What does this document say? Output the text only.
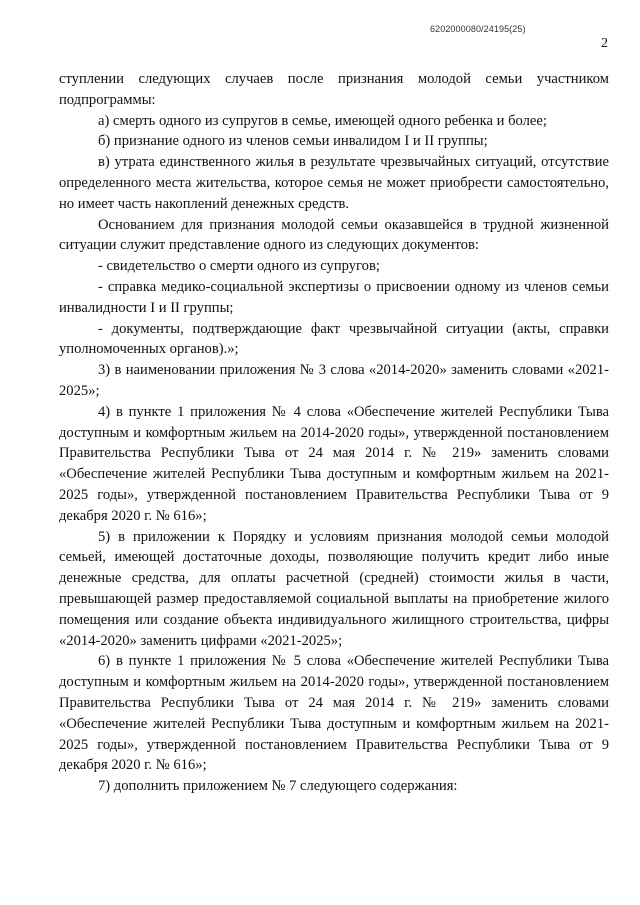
6202000080/24195(25)
2

ступлении следующих случаев после признания молодой семьи участником подпрограммы:

а) смерть одного из супругов в семье, имеющей одного ребенка и более;

б) признание одного из членов семьи инвалидом I и II группы;

в) утрата единственного жилья в результате чрезвычайных ситуаций, отсутствие определенного места жительства, которое семья не может приобрести самостоятельно, но имеет часть накоплений денежных средств.

Основанием для признания молодой семьи оказавшейся в трудной жизненной ситуации служит представление одного из следующих документов:

- свидетельство о смерти одного из супругов;

- справка медико-социальной экспертизы о присвоении одному из членов семьи инвалидности I и II группы;

- документы, подтверждающие факт чрезвычайной ситуации (акты, справки уполномоченных органов).»;

3) в наименовании приложения № 3 слова «2014-2020» заменить словами «2021-2025»;

4) в пункте 1 приложения № 4 слова «Обеспечение жителей Республики Тыва доступным и комфортным жильем на 2014-2020 годы», утвержденной постановлением Правительства Республики Тыва от 24 мая 2014 г. № 219» заменить словами «Обеспечение жителей Республики Тыва доступным и комфортным жильем на 2021-2025 годы», утвержденной постановлением Правительства Республики Тыва от 9 декабря 2020 г. № 616»;

5) в приложении к Порядку и условиям признания молодой семьи молодой семьей, имеющей достаточные доходы, позволяющие получить кредит либо иные денежные средства, для оплаты расчетной (средней) стоимости жилья в части, превышающей размер предоставляемой социальной выплаты на приобретение жилого помещения или создание объекта индивидуального жилищного строительства, цифры «2014-2020» заменить цифрами «2021-2025»;

6) в пункте 1 приложения № 5 слова «Обеспечение жителей Республики Тыва доступным и комфортным жильем на 2014-2020 годы», утвержденной постановлением Правительства Республики Тыва от 24 мая 2014 г. № 219» заменить словами «Обеспечение жителей Республики Тыва доступным и комфортным жильем на 2021-2025 годы», утвержденной постановлением Правительства Республики Тыва от 9 декабря 2020 г. № 616»;

7) дополнить приложением № 7 следующего содержания:
